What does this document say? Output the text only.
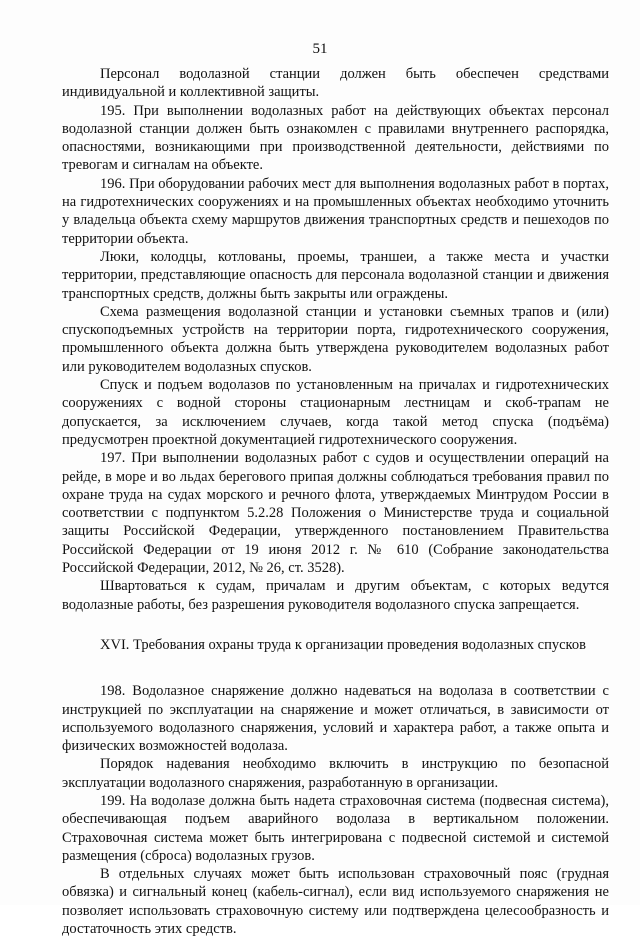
51

Персонал водолазной станции должен быть обеспечен средствами индивидуальной и коллективной защиты.

195. При выполнении водолазных работ на действующих объектах персонал водолазной станции должен быть ознакомлен с правилами внутреннего распорядка, опасностями, возникающими при производственной деятельности, действиями по тревогам и сигналам на объекте.

196. При оборудовании рабочих мест для выполнения водолазных работ в портах, на гидротехнических сооружениях и на промышленных объектах необходимо уточнить у владельца объекта схему маршрутов движения транспортных средств и пешеходов по территории объекта.

Люки, колодцы, котлованы, проемы, траншеи, а также места и участки территории, представляющие опасность для персонала водолазной станции и движения транспортных средств, должны быть закрыты или ограждены.

Схема размещения водолазной станции и установки съемных трапов и (или) спускоподъемных устройств на территории порта, гидротехнического сооружения, промышленного объекта должна быть утверждена руководителем водолазных работ или руководителем водолазных спусков.

Спуск и подъем водолазов по установленным на причалах и гидротехнических сооружениях с водной стороны стационарным лестницам и скоб-трапам не допускается, за исключением случаев, когда такой метод спуска (подъёма) предусмотрен проектной документацией гидротехнического сооружения.

197. При выполнении водолазных работ с судов и осуществлении операций на рейде, в море и во льдах берегового припая должны соблюдаться требования правил по охране труда на судах морского и речного флота, утверждаемых Минтрудом России в соответствии с подпунктом 5.2.28 Положения о Министерстве труда и социальной защиты Российской Федерации, утвержденного постановлением Правительства Российской Федерации от 19 июня 2012 г. № 610 (Собрание законодательства Российской Федерации, 2012, № 26, ст. 3528).

Швартоваться к судам, причалам и другим объектам, с которых ведутся водолазные работы, без разрешения руководителя водолазного спуска запрещается.

XVI. Требования охраны труда к организации проведения водолазных спусков

198. Водолазное снаряжение должно надеваться на водолаза в соответствии с инструкцией по эксплуатации на снаряжение и может отличаться, в зависимости от используемого водолазного снаряжения, условий и характера работ, а также опыта и физических возможностей водолаза.

Порядок надевания необходимо включить в инструкцию по безопасной эксплуатации водолазного снаряжения, разработанную в организации.

199. На водолазе должна быть надета страховочная система (подвесная система), обеспечивающая подъем аварийного водолаза в вертикальном положении. Страховочная система может быть интегрирована с подвесной системой и системой размещения (сброса) водолазных грузов.

В отдельных случаях может быть использован страховочный пояс (грудная обвязка) и сигнальный конец (кабель-сигнал), если вид используемого снаряжения не позволяет использовать страховочную систему или подтверждена целесообразность и достаточность этих средств.
